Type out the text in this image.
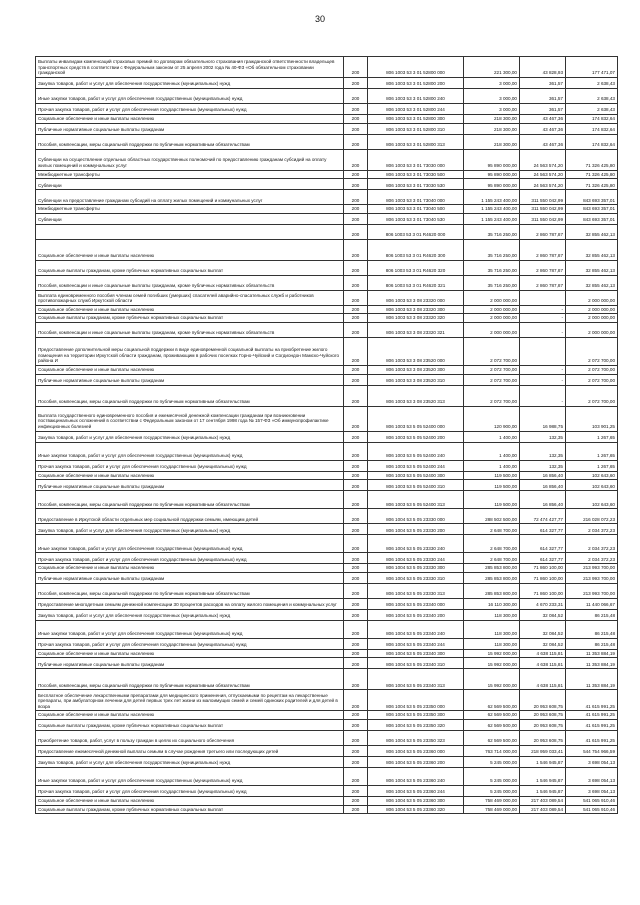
30
Выплаты инвалидам компенсаций страховых премий по договорам обязательного страхования гражданской ответственности владельцев транспортных средств в соответствии с Федеральным законом от 25 апреля 2002 года № 40-ФЗ «Об обязательном страховании гражданской	200	806 1003 53 3 01 52800 000	221 300,00	43 828,93	177 471,07
Закупка товаров, работ и услуг для обеспечения государственных (муниципальных) нужд	200	806 1003 53 3 01 52800 200	3 000,00	361,57	2 638,43
Иные закупки товаров, работ и услуг для обеспечения государственных (муниципальных) нужд	200	806 1003 53 3 01 52800 240	3 000,00	361,57	2 638,43
Прочая закупка товаров, работ и услуг для обеспечения государственных (муниципальных) нужд	200	806 1003 53 3 01 52800 244	3 000,00	361,57	2 638,43
Социальное обеспечение и иные выплаты населению	200	806 1003 53 3 01 52800 300	218 300,00	43 467,36	174 832,64
Публичные нормативные социальные выплаты гражданам	200	806 1003 53 3 01 52800 310	218 300,00	43 467,36	174 832,64
Пособия, компенсации, меры социальной поддержки по публичным нормативным обязательствам	200	806 1003 53 3 01 52800 313	218 300,00	43 467,36	174 832,64
Субвенции на осуществление отдельных областных государственных полномочий по предоставлению гражданам субсидий на оплату жилых помещений и коммунальных услуг	200	806 1003 53 3 01 73030 000	95 890 000,00	24 563 574,20	71 326 425,80
Межбюджетные трансферты	200	806 1003 53 3 01 73030 500	95 890 000,00	24 563 574,20	71 326 425,80
Субвенции	200	806 1003 53 3 01 73030 530	95 890 000,00	24 563 574,20	71 326 425,80
Субвенции на предоставление гражданам субсидий на оплату жилых помещений и коммунальных услуг	200	806 1003 53 3 01 73040 000	1 155 243 400,00	311 550 042,99	843 693 357,01
Межбюджетные трансферты	200	806 1003 53 3 01 73040 500	1 155 243 400,00	311 550 042,99	843 693 357,01
Субвенции	200	806 1003 53 3 01 73040 530	1 155 243 400,00	311 550 042,99	843 693 357,01
	200	806 1003 53 3 01 R4620 000	35 716 250,00	2 860 787,87	32 855 462,13
Социальное обеспечение и иные выплаты населению	200	806 1003 53 3 01 R4620 300	35 716 250,00	2 860 787,87	32 855 462,13
Социальные выплаты гражданам, кроме публичных нормативных социальных выплат	200	806 1003 53 3 01 R4620 320	35 716 250,00	2 860 787,87	32 855 462,13
Пособия, компенсации и иные социальные выплаты гражданам, кроме публичных нормативных обязательств	200	806 1003 53 3 01 R4620 321	35 716 250,00	2 860 787,87	32 855 462,13
Выплата единовременного пособия членам семей погибших (умерших) спасателей аварийно-спасательных служб и работников противопожарных служб Иркутской области	200	806 1003 53 3 08 23320 000	2 000 000,00		2 000 000,00
Социальное обеспечение и иные выплаты населению	200	806 1003 53 3 08 23320 300	2 000 000,00	-	2 000 000,00
Социальные выплаты гражданам, кроме публичных нормативных социальных выплат	200	806 1003 53 3 08 23320 320	2 000 000,00	-	2 000 000,00
Пособия, компенсации и иные социальные выплаты гражданам, кроме публичных нормативных обязательств	200	806 1003 53 3 08 23320 321	2 000 000,00	-	2 000 000,00
Предоставление дополнительной меры социальной поддержки в виде единовременной социальной выплаты на приобретение жилого помещения на территории Иркутской области гражданам, проживающим в рабочих поселках Горно-Чуйский и Согдиондон Мамско-Чуйского района И	200	806 1003 53 3 08 23520 000	2 072 700,00		2 072 700,00
Социальное обеспечение и иные выплаты населению	200	806 1003 53 3 08 23520 300	2 072 700,00	-	2 072 700,00
Публичные нормативные социальные выплаты гражданам	200	806 1003 53 3 08 23520 310	2 072 700,00	-	2 072 700,00
Пособия, компенсации, меры социальной поддержки по публичным нормативным обязательствам	200	806 1003 53 3 08 23520 313	2 072 700,00	-	2 072 700,00
Выплата государственного единовременного пособия и ежемесячной денежной компенсации гражданам при возникновении поствакцинальных осложнений в соответствии с Федеральным законом от 17 сентября 1998 года № 157-ФЗ «Об иммунопрофилактике инфекционных болезней	200	806 1003 53 5 05 52400 000	120 900,00	16 988,75	103 901,25
Закупка товаров, работ и услуг для обеспечения государственных (муниципальных) нужд	200	806 1003 53 5 05 52400 200	1 400,00	132,35	1 267,65
Иные закупки товаров, работ и услуг для обеспечения государственных (муниципальных) нужд	200	806 1003 53 5 05 52400 240	1 400,00	132,35	1 267,65
Прочая закупка товаров, работ и услуг для обеспечения государственных (муниципальных) нужд	200	806 1003 53 5 05 52400 244	1 400,00	132,35	1 267,65
Социальное обеспечение и иные выплаты населению	200	806 1003 53 5 05 52400 300	119 500,00	16 856,40	102 643,60
Публичные нормативные социальные выплаты гражданам	200	806 1003 53 5 05 52400 310	119 500,00	16 856,40	102 643,60
Пособия, компенсации, меры социальной поддержки по публичным нормативным обязательствам	200	806 1003 53 5 05 52400 313	119 500,00	16 856,40	102 643,60
Предоставление в Иркутской области отдельных мер социальной поддержки семьям, имеющим детей	200	806 1004 53 5 05 23330 000	288 502 500,00	72 474 427,77	216 028 072,23
Закупка товаров, работ и услуг для обеспечения государственных (муниципальных) нужд	200	806 1004 53 5 05 23330 200	2 648 700,00	614 327,77	2 034 372,23
Иные закупки товаров, работ и услуг для обеспечения государственных (муниципальных) нужд	200	806 1004 53 5 05 23330 240	2 648 700,00	614 327,77	2 034 372,23
Прочая закупка товаров, работ и услуг для обеспечения государственных (муниципальных) нужд	200	806 1004 53 5 05 23330 244	2 648 700,00	614 327,77	2 034 372,23
Социальное обеспечение и иные выплаты населению	200	806 1004 53 5 05 23330 300	285 853 800,00	71 860 100,00	213 993 700,00
Публичные нормативные социальные выплаты гражданам	200	806 1004 53 5 05 23330 310	285 853 800,00	71 860 100,00	213 993 700,00
Пособия, компенсации, меры социальной поддержки по публичным нормативным обязательствам	200	806 1004 53 5 05 23330 313	285 853 800,00	71 860 100,00	213 993 700,00
Предоставление многодетным семьям денежной компенсации 30 процентов расходов на оплату жилого помещения и коммунальных услуг	200	806 1004 53 5 05 23340 000	16 110 300,00	4 670 233,31	11 440 066,67
Закупка товаров, работ и услуг для обеспечения государственных (муниципальных) нужд	200	806 1004 53 5 05 23340 200	118 300,00	32 084,52	86 215,48
Иные закупки товаров, работ и услуг для обеспечения государственных (муниципальных) нужд	200	806 1004 53 5 05 23340 240	118 300,00	32 084,52	86 215,48
Прочая закупка товаров, работ и услуг для обеспечения государственных (муниципальных) нужд	200	806 1004 53 5 05 23340 244	118 300,00	32 084,52	86 215,48
Социальное обеспечение и иные выплаты населению	200	806 1004 53 5 05 23340 300	15 992 000,00	4 638 115,81	11 353 884,19
Публичные нормативные социальные выплаты гражданам	200	806 1004 53 5 05 23340 310	15 992 000,00	4 638 115,81	11 353 884,19
Пособия, компенсации, меры социальной поддержки по публичным нормативным обязательствам	200	806 1004 53 5 05 23340 313	15 992 000,00	4 638 115,81	11 353 884,19
Бесплатное обеспечение лекарственными препаратами для медицинского применения, отпускаемыми по рецептам на лекарственные препараты, при амбулаторном лечении для детей первых трех лет жизни из малоимущих семей и семей одиноких родителей и для детей в возра	200	806 1004 53 5 05 23350 000	62 569 500,00	20 953 608,75	41 615 991,25
Социальное обеспечение и иные выплаты населению	200	806 1004 53 5 05 23350 300	62 569 500,00	20 953 608,75	41 615 991,25
Социальные выплаты гражданам, кроме публичных нормативных социальных выплат	200	806 1004 53 5 05 23350 320	62 569 500,00	20 953 608,75	41 615 991,25
Приобретение товаров, работ, услуг в пользу граждан в целях их социального обеспечения	200	806 1004 53 5 05 23350 323	62 569 500,00	20 953 608,75	41 615 991,25
Предоставление ежемесячной денежной выплаты семьям в случае рождения третьего или последующих детей	200	806 1004 53 5 05 23360 000	763 714 000,00	218 959 033,41	544 754 966,59
Закупка товаров, работ и услуг для обеспечения государственных (муниципальных) нужд	200	806 1004 53 5 05 23360 200	5 245 000,00	1 546 945,87	3 698 054,13
Иные закупки товаров, работ и услуг для обеспечения государственных (муниципальных) нужд	200	806 1004 53 5 05 23360 240	5 245 000,00	1 546 945,87	3 698 054,13
Прочая закупка товаров, работ и услуг для обеспечения государственных (муниципальных) нужд	200	806 1004 53 5 05 23360 244	5 245 000,00	1 546 945,87	3 698 054,13
Социальное обеспечение и иные выплаты населению	200	806 1004 53 5 05 23360 300	758 469 000,00	217 403 089,54	541 065 910,46
Социальные выплаты гражданам, кроме публичных нормативных социальных выплат	200	806 1004 53 5 05 23360 320	758 469 000,00	217 403 089,54	541 065 910,46
